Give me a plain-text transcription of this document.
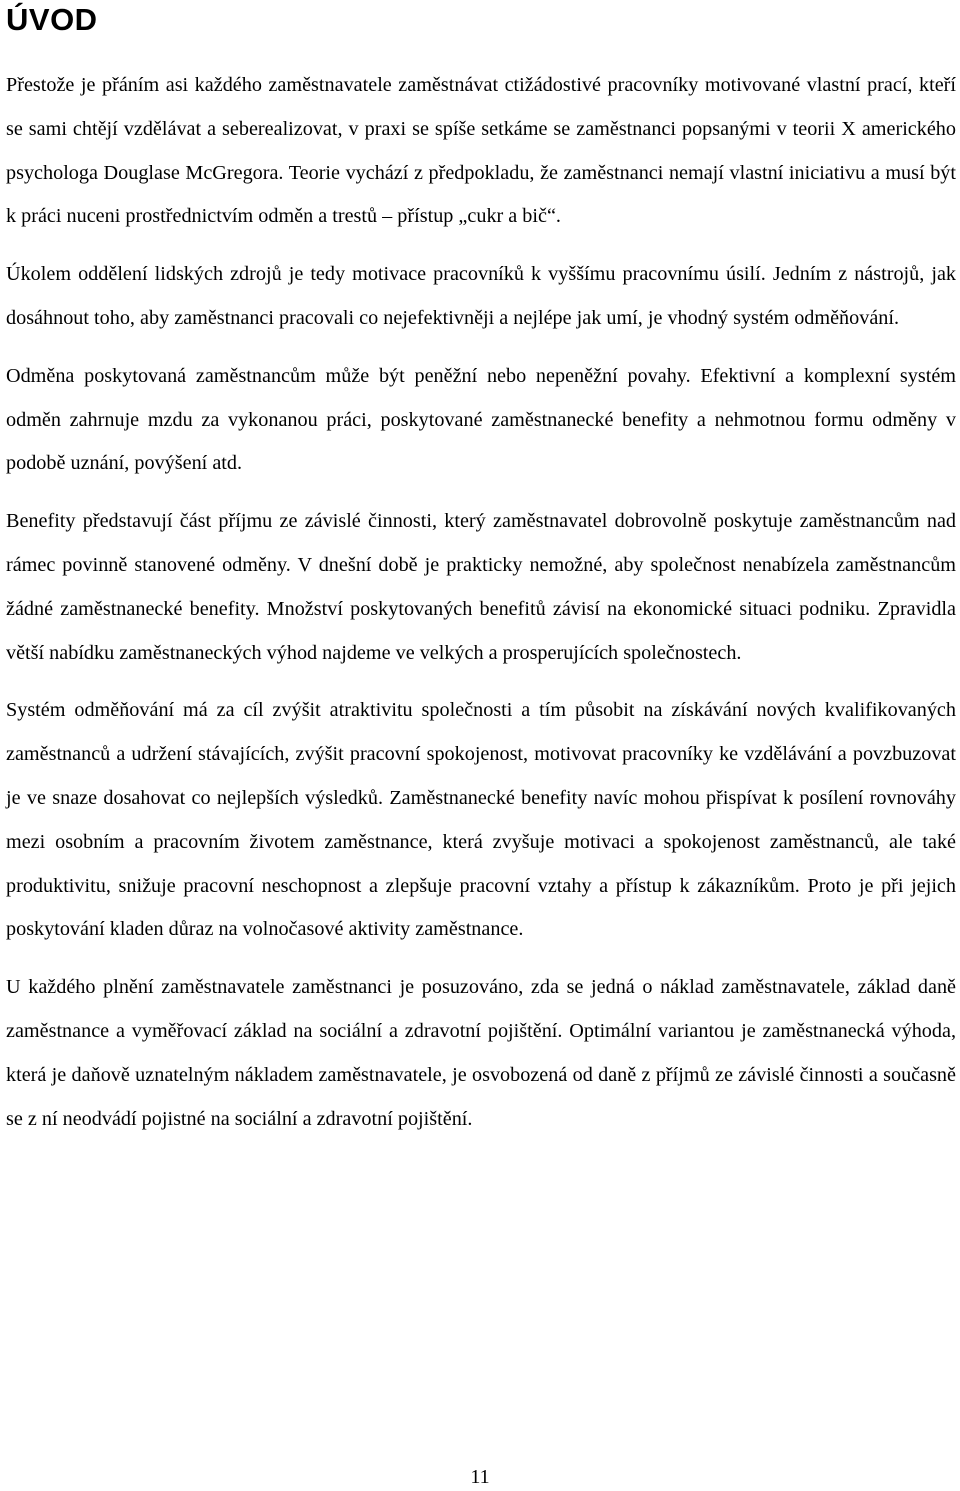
ÚVOD

Přestože je přáním asi každého zaměstnavatele zaměstnávat ctižádostivé pracovníky motivované vlastní prací, kteří se sami chtějí vzdělávat a seberealizovat, v praxi se spíše setkáme se zaměstnanci popsanými v teorii X amerického psychologa Douglase McGregora. Teorie vychází z předpokladu, že zaměstnanci nemají vlastní iniciativu a musí být k práci nuceni prostřednictvím odměn a trestů – přístup „cukr a bič“.

Úkolem oddělení lidských zdrojů je tedy motivace pracovníků k vyššímu pracovnímu úsilí. Jedním z nástrojů, jak dosáhnout toho, aby zaměstnanci pracovali co nejefektivněji a nejlépe jak umí, je vhodný systém odměňování.

Odměna poskytovaná zaměstnancům může být peněžní nebo nepeněžní povahy. Efektivní a komplexní systém odměn zahrnuje mzdu za vykonanou práci, poskytované zaměstnanecké benefity a nehmotnou formu odměny v podobě uznání, povýšení atd.

Benefity představují část příjmu ze závislé činnosti, který zaměstnavatel dobrovolně poskytuje zaměstnancům nad rámec povinně stanovené odměny. V dnešní době je prakticky nemožné, aby společnost nenabízela zaměstnancům žádné zaměstnanecké benefity. Množství poskytovaných benefitů závisí na ekonomické situaci podniku. Zpravidla větší nabídku zaměstnaneckých výhod najdeme ve velkých a prosperujících společnostech.

Systém odměňování má za cíl zvýšit atraktivitu společnosti a tím působit na získávání nových kvalifikovaných zaměstnanců a udržení stávajících, zvýšit pracovní spokojenost, motivovat pracovníky ke vzdělávání a povzbuzovat je ve snaze dosahovat co nejlepších výsledků. Zaměstnanecké benefity navíc mohou přispívat k posílení rovnováhy mezi osobním a pracovním životem zaměstnance, která zvyšuje motivaci a spokojenost zaměstnanců, ale také produktivitu, snižuje pracovní neschopnost a zlepšuje pracovní vztahy a přístup k zákazníkům. Proto je při jejich poskytování kladen důraz na volnočasové aktivity zaměstnance.

U každého plnění zaměstnavatele zaměstnanci je posuzováno, zda se jedná o náklad zaměstnavatele, základ daně zaměstnance a vyměřovací základ na sociální a zdravotní pojištění. Optimální variantou je zaměstnanecká výhoda, která je daňově uznatelným nákladem zaměstnavatele, je osvobozená od daně z příjmů ze závislé činnosti a současně se z ní neodvádí pojistné na sociální a zdravotní pojištění.

11
